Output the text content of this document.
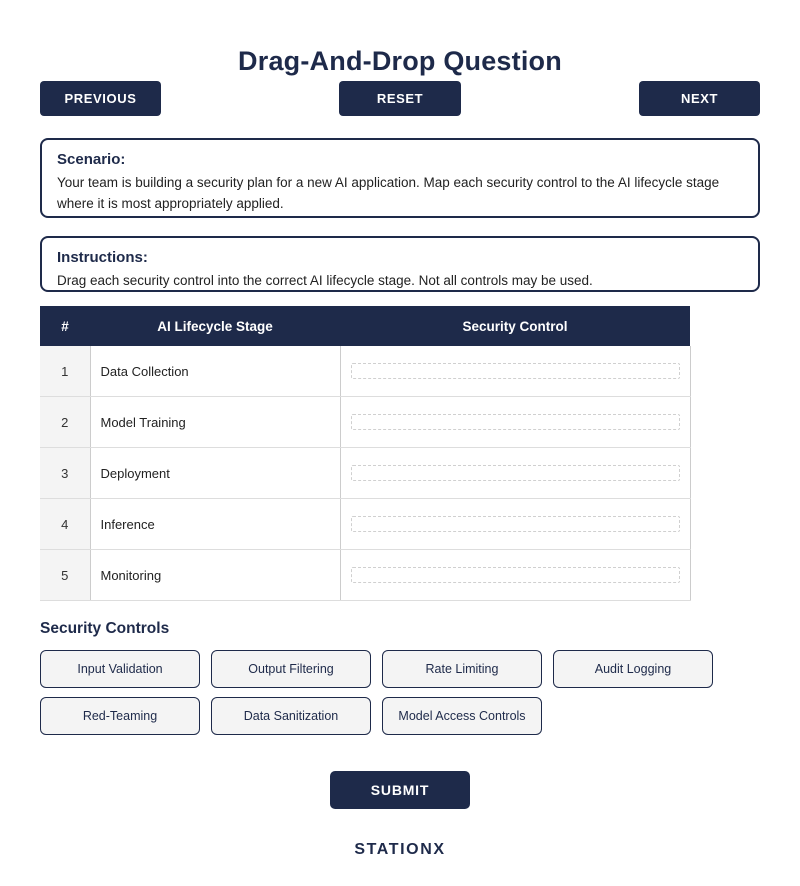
Drag-And-Drop Question
PREVIOUS	RESET	NEXT
Scenario:
Your team is building a security plan for a new AI application. Map each security control to the AI lifecycle stage where it is most appropriately applied.
Instructions:
Drag each security control into the correct AI lifecycle stage. Not all controls may be used.
#	AI Lifecycle Stage	Security Control
1	Data Collection	

2	Model Training	

3	Deployment	

4	Inference	

5	Monitoring	
Security Controls
Input Validation	Output Filtering	Rate Limiting	Audit Logging
Red-Teaming	Data Sanitization	Model Access Controls
SUBMIT
STATIONX
